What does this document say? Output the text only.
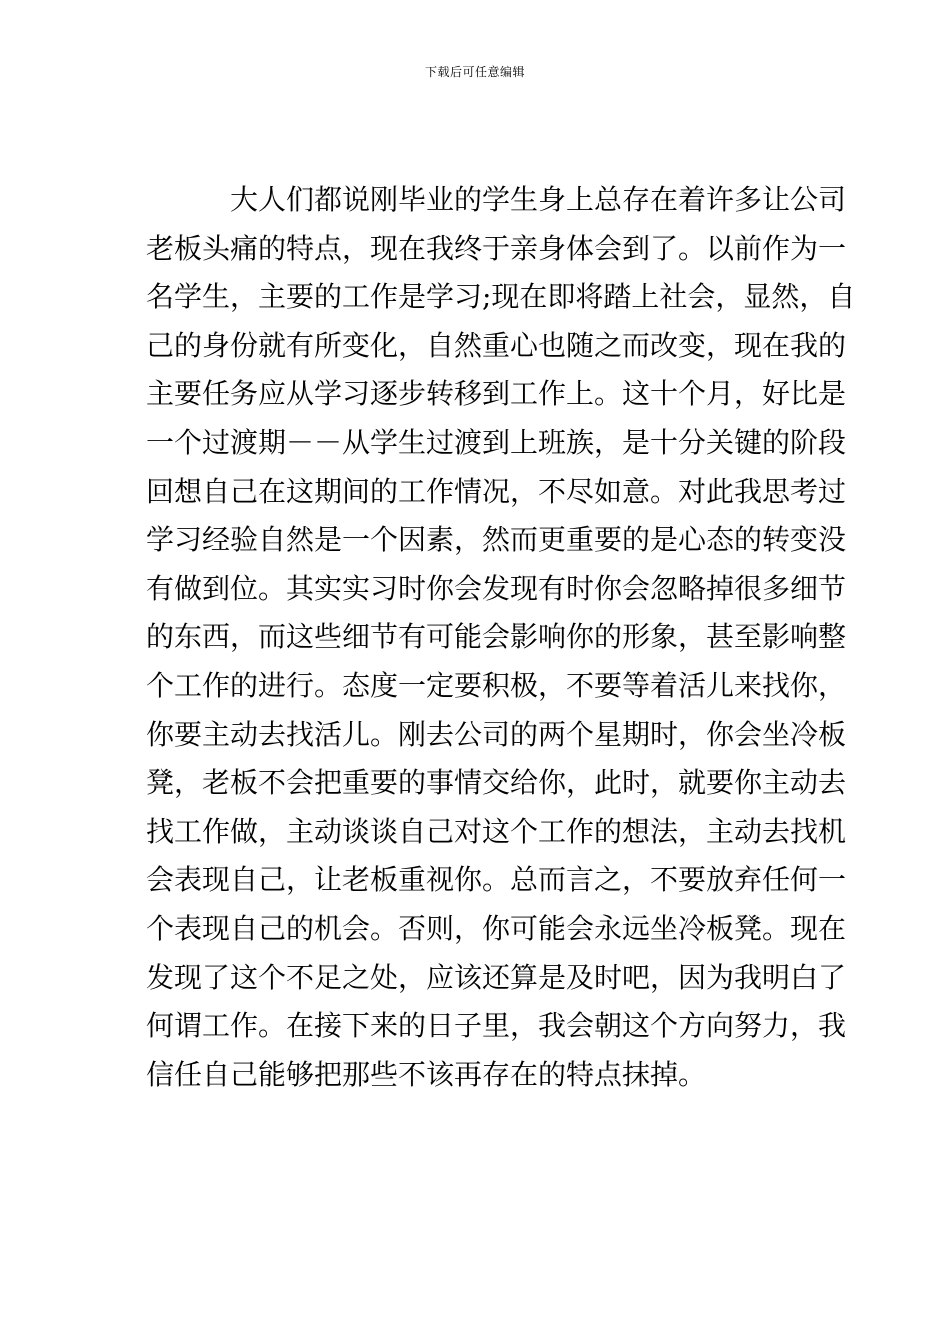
下载后可任意编辑
大人们都说刚毕业的学生身上总存在着许多让公司
老板头痛的特点，现在我终于亲身体会到了。以前作为一
名学生，主要的工作是学习;现在即将踏上社会，显然，自
己的身份就有所变化，自然重心也随之而改变，现在我的
主要任务应从学习逐步转移到工作上。这十个月，好比是
一个过渡期－－从学生过渡到上班族，是十分关键的阶段
回想自己在这期间的工作情况，不尽如意。对此我思考过
学习经验自然是一个因素，然而更重要的是心态的转变没
有做到位。其实实习时你会发现有时你会忽略掉很多细节
的东西，而这些细节有可能会影响你的形象，甚至影响整
个工作的进行。态度一定要积极，不要等着活儿来找你，
你要主动去找活儿。刚去公司的两个星期时，你会坐冷板
凳，老板不会把重要的事情交给你，此时，就要你主动去
找工作做，主动谈谈自己对这个工作的想法，主动去找机
会表现自己，让老板重视你。总而言之，不要放弃任何一
个表现自己的机会。否则，你可能会永远坐冷板凳。现在
发现了这个不足之处，应该还算是及时吧，因为我明白了
何谓工作。在接下来的日子里，我会朝这个方向努力，我
信任自己能够把那些不该再存在的特点抹掉。
